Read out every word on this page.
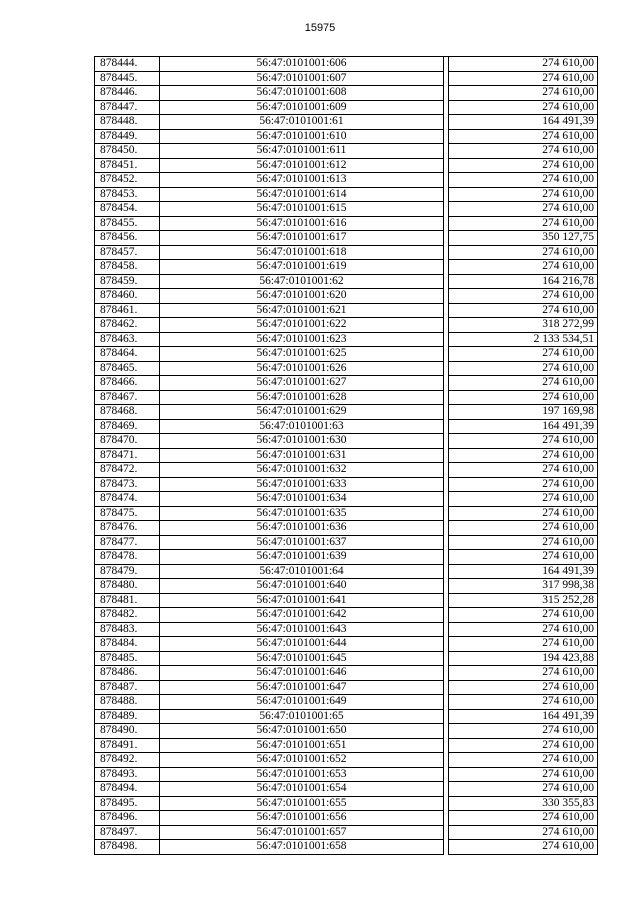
15975
878444.	56:47:0101001:606		274 610,00
878445.	56:47:0101001:607		274 610,00
878446.	56:47:0101001:608		274 610,00
878447.	56:47:0101001:609		274 610,00
878448.	56:47:0101001:61		164 491,39
878449.	56:47:0101001:610		274 610,00
878450.	56:47:0101001:611		274 610,00
878451.	56:47:0101001:612		274 610,00
878452.	56:47:0101001:613		274 610,00
878453.	56:47:0101001:614		274 610,00
878454.	56:47:0101001:615		274 610,00
878455.	56:47:0101001:616		274 610,00
878456.	56:47:0101001:617		350 127,75
878457.	56:47:0101001:618		274 610,00
878458.	56:47:0101001:619		274 610,00
878459.	56:47:0101001:62		164 216,78
878460.	56:47:0101001:620		274 610,00
878461.	56:47:0101001:621		274 610,00
878462.	56:47:0101001:622		318 272,99
878463.	56:47:0101001:623		2 133 534,51
878464.	56:47:0101001:625		274 610,00
878465.	56:47:0101001:626		274 610,00
878466.	56:47:0101001:627		274 610,00
878467.	56:47:0101001:628		274 610,00
878468.	56:47:0101001:629		197 169,98
878469.	56:47:0101001:63		164 491,39
878470.	56:47:0101001:630		274 610,00
878471.	56:47:0101001:631		274 610,00
878472.	56:47:0101001:632		274 610,00
878473.	56:47:0101001:633		274 610,00
878474.	56:47:0101001:634		274 610,00
878475.	56:47:0101001:635		274 610,00
878476.	56:47:0101001:636		274 610,00
878477.	56:47:0101001:637		274 610,00
878478.	56:47:0101001:639		274 610,00
878479.	56:47:0101001:64		164 491,39
878480.	56:47:0101001:640		317 998,38
878481.	56:47:0101001:641		315 252,28
878482.	56:47:0101001:642		274 610,00
878483.	56:47:0101001:643		274 610,00
878484.	56:47:0101001:644		274 610,00
878485.	56:47:0101001:645		194 423,88
878486.	56:47:0101001:646		274 610,00
878487.	56:47:0101001:647		274 610,00
878488.	56:47:0101001:649		274 610,00
878489.	56:47:0101001:65		164 491,39
878490.	56:47:0101001:650		274 610,00
878491.	56:47:0101001:651		274 610,00
878492.	56:47:0101001:652		274 610,00
878493.	56:47:0101001:653		274 610,00
878494.	56:47:0101001:654		274 610,00
878495.	56:47:0101001:655		330 355,83
878496.	56:47:0101001:656		274 610,00
878497.	56:47:0101001:657		274 610,00
878498.	56:47:0101001:658		274 610,00
